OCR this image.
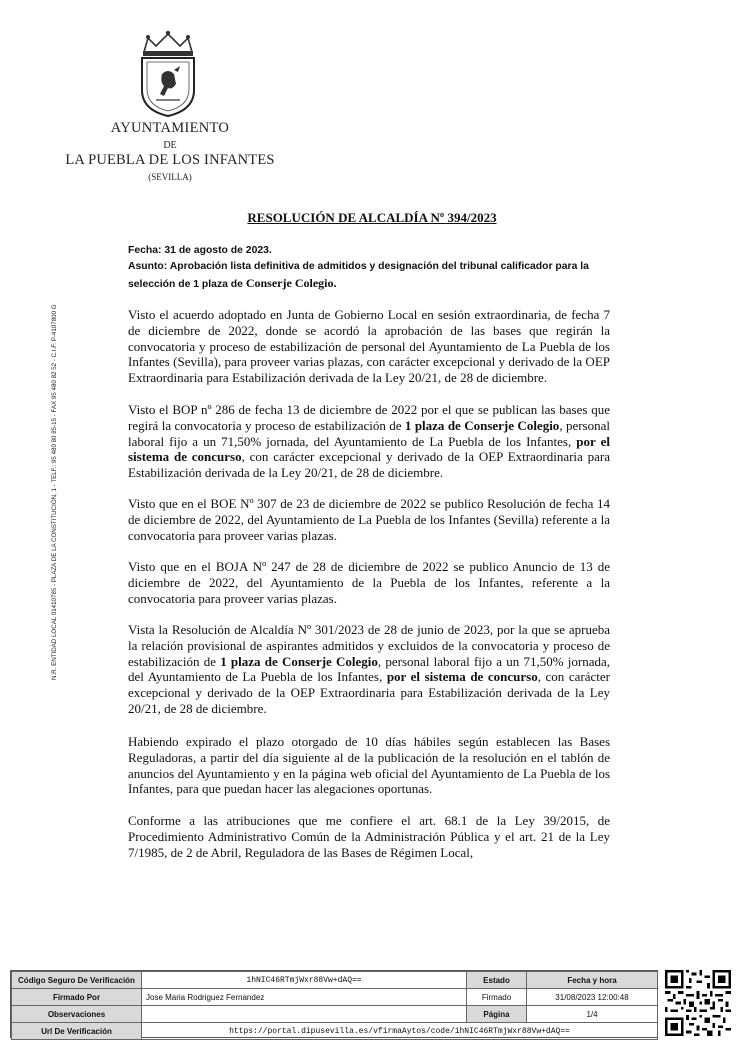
AYUNTAMIENTO
DE
LA PUEBLA DE LOS INFANTES
(SEVILLA)
N.R. ENTIDAD LOCAL 01410785 - PLAZA DE LA CONSTITUCIÓN, 1 - TELF.: 95 480 80 85-15 - FAX 95 480 82 52 - C.I.F. P-4107800 G
RESOLUCIÓN DE ALCALDÍA Nº 394/2023
Fecha: 31 de agosto de 2023.
Asunto: Aprobación lista definitiva de admitidos y designación del tribunal calificador para la selección de 1 plaza de Conserje Colegio.
Visto el acuerdo adoptado en Junta de Gobierno Local en sesión extraordinaria, de fecha 7 de diciembre de 2022, donde se acordó la aprobación de las bases que regirán la convocatoria y proceso de estabilización de personal del Ayuntamiento de La Puebla de los Infantes (Sevilla), para proveer varias plazas, con carácter excepcional y derivado de la OEP Extraordinaria para Estabilización derivada de la Ley 20/21, de 28 de diciembre.
Visto el BOP nº 286 de fecha 13 de diciembre de 2022 por el que se publican las bases que regirá la convocatoria y proceso de estabilización de 1 plaza de Conserje Colegio, personal laboral fijo a un 71,50% jornada, del Ayuntamiento de La Puebla de los Infantes, por el sistema de concurso, con carácter excepcional y derivado de la OEP Extraordinaria para Estabilización derivada de la Ley 20/21, de 28 de diciembre.
Visto que en el BOE Nº 307 de 23 de diciembre de 2022 se publico Resolución de fecha 14 de diciembre de 2022, del Ayuntamiento de La Puebla de los Infantes (Sevilla) referente a la convocatoria para proveer varias plazas.
Visto que en el BOJA Nº 247 de 28 de diciembre de 2022 se publico Anuncio de 13 de diciembre de 2022, del Ayuntamiento de la Puebla de los Infantes, referente a la convocatoria para proveer varias plazas.
Vista la Resolución de Alcaldía Nº 301/2023 de 28 de junio de 2023, por la que se aprueba la relación provisional de aspirantes admitidos y excluidos de la convocatoria y proceso de estabilización de 1 plaza de Conserje Colegio, personal laboral fijo a un 71,50% jornada, del Ayuntamiento de La Puebla de los Infantes, por el sistema de concurso, con carácter excepcional y derivado de la OEP Extraordinaria para Estabilización derivada de la Ley 20/21, de 28 de diciembre.
Habiendo expirado el plazo otorgado de 10 días hábiles según establecen las Bases Reguladoras, a partir del día siguiente al de la publicación de la resolución en el tablón de anuncios del Ayuntamiento y en la página web oficial del Ayuntamiento de La Puebla de los Infantes, para que puedan hacer las alegaciones oportunas.
Conforme a las atribuciones que me confiere el art. 68.1 de la Ley 39/2015, de Procedimiento Administrativo Común de la Administración Pública y el art. 21 de la Ley 7/1985, de 2 de Abril, Reguladora de las Bases de Régimen Local,
Código Seguro De Verificación	1hNIC46RTmjWxr88Vw+dAQ==	Estado	Fecha y hora
Firmado Por	Jose Maria Rodriguez Fernandez	Firmado	31/08/2023 12:00:48
Observaciones		Página	1/4
Url De Verificación	https://portal.dipusevilla.es/vfirmaAytos/code/1hNIC46RTmjWxr88Vw+dAQ==		
